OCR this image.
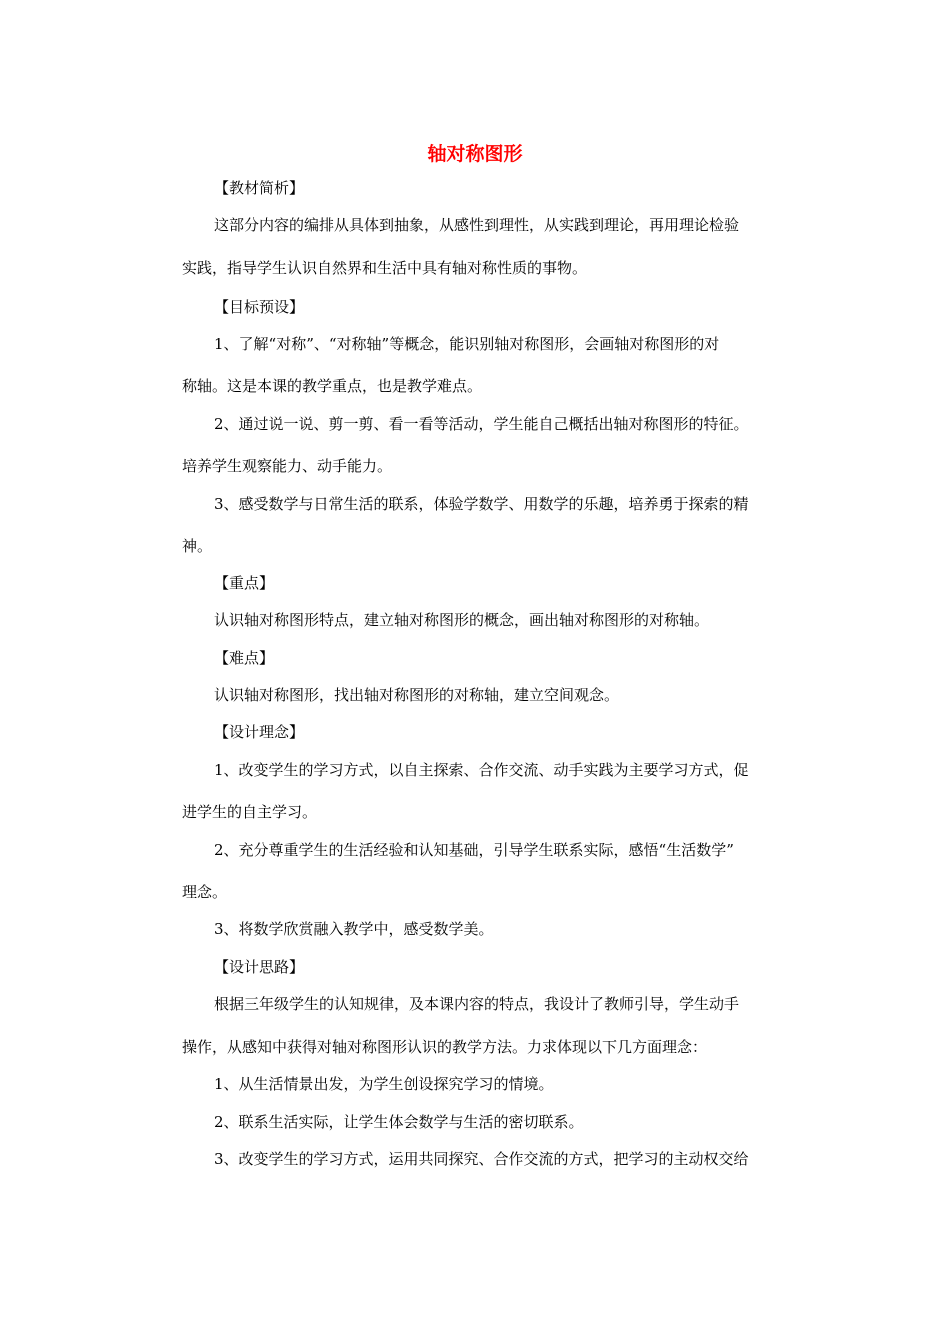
轴对称图形
【教材简析】
这部分内容的编排从具体到抽象，从感性到理性，从实践到理论，再用理论检验
实践，指导学生认识自然界和生活中具有轴对称性质的事物。
【目标预设】
1、了解“对称”、“对称轴”等概念，能识别轴对称图形，会画轴对称图形的对
称轴。这是本课的教学重点，也是教学难点。
2、通过说一说、剪一剪、看一看等活动，学生能自己概括出轴对称图形的特征。
培养学生观察能力、动手能力。
3、感受数学与日常生活的联系，体验学数学、用数学的乐趣，培养勇于探索的精
神。
【重点】
认识轴对称图形特点，建立轴对称图形的概念，画出轴对称图形的对称轴。
【难点】
认识轴对称图形，找出轴对称图形的对称轴，建立空间观念。
【设计理念】
1、改变学生的学习方式，以自主探索、合作交流、动手实践为主要学习方式，促
进学生的自主学习。
2、充分尊重学生的生活经验和认知基础，引导学生联系实际，感悟“生活数学”
理念。
3、将数学欣赏融入教学中，感受数学美。
【设计思路】
根据三年级学生的认知规律，及本课内容的特点，我设计了教师引导，学生动手
操作，从感知中获得对轴对称图形认识的教学方法。力求体现以下几方面理念：
1、从生活情景出发，为学生创设探究学习的情境。
2、联系生活实际，让学生体会数学与生活的密切联系。
3、改变学生的学习方式，运用共同探究、合作交流的方式，把学习的主动权交给
